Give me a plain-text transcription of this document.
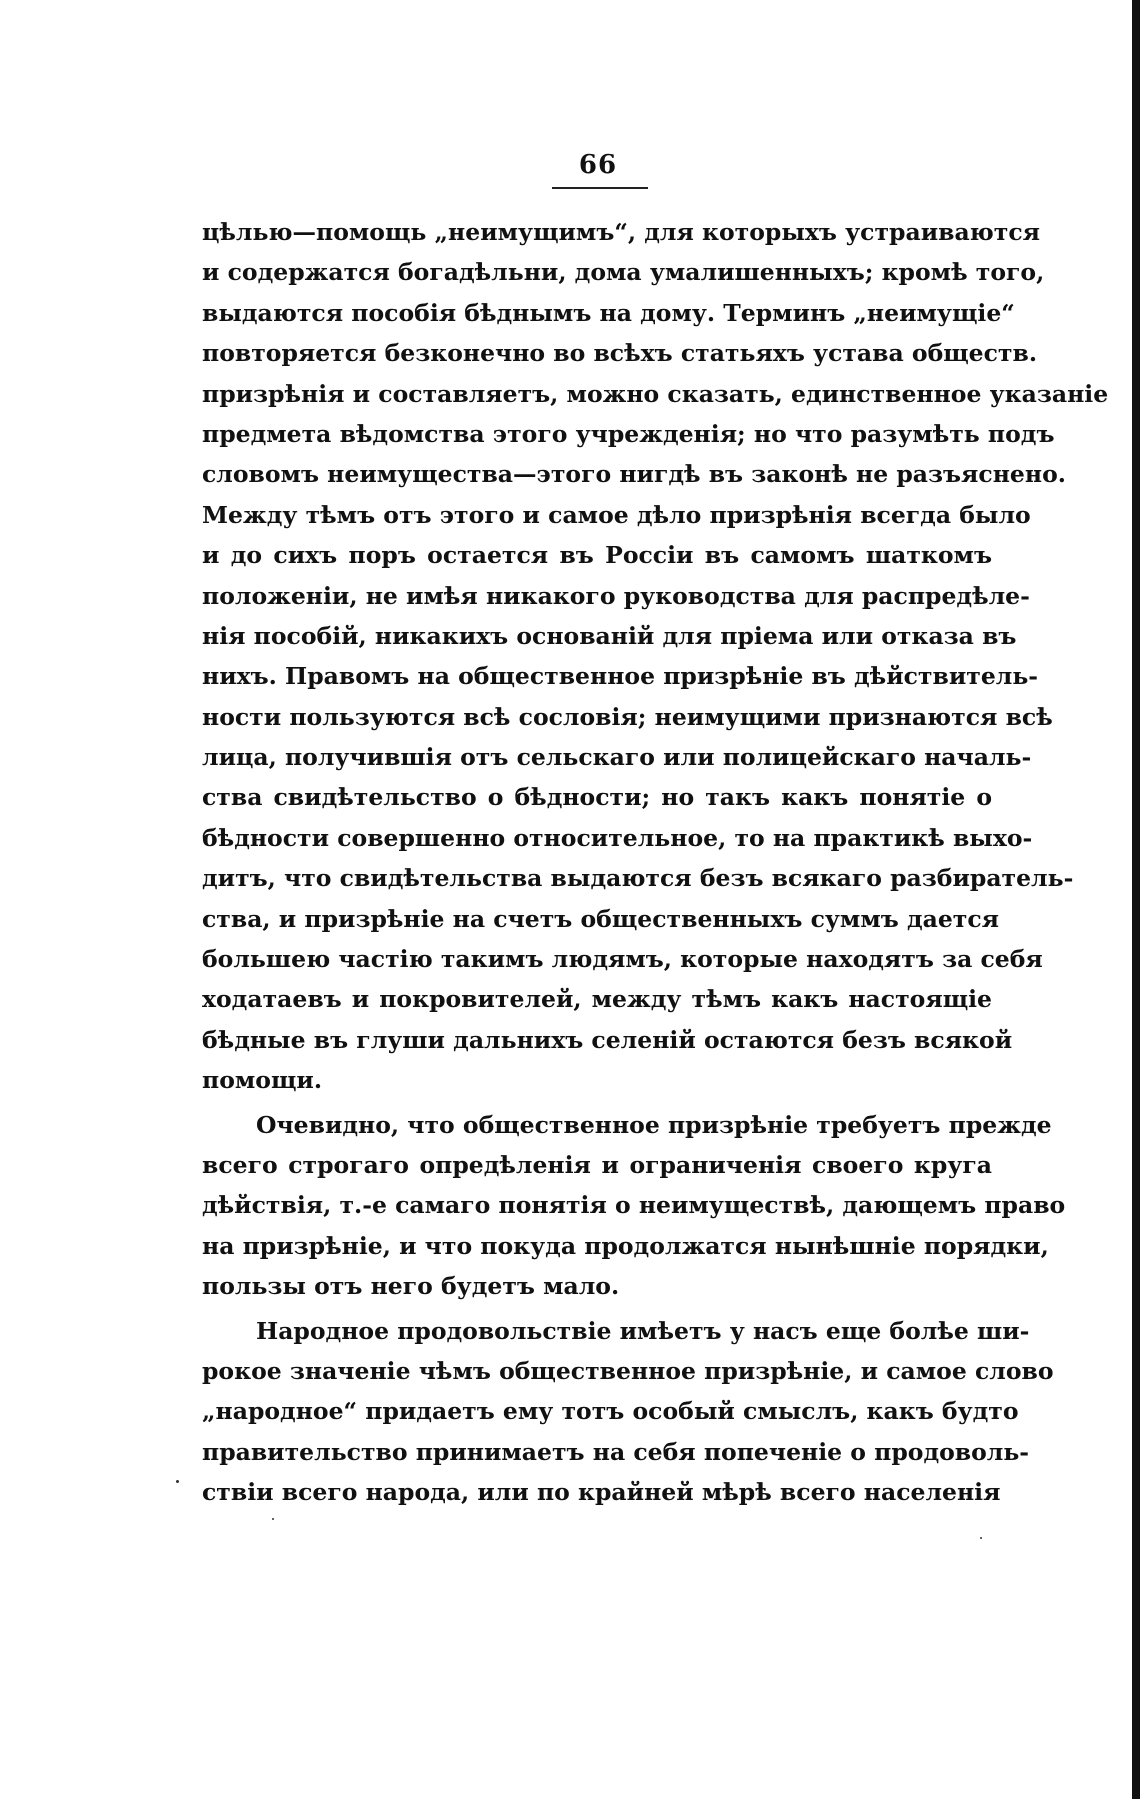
66
цѣлью—помощь „неимущимъ“, для которыхъ устраиваются
и содержатся богадѣльни, дома умалишенныхъ; кромѣ того,
выдаются пособія бѣднымъ на дому. Терминъ „неимущіе“
повторяется безконечно во всѣхъ статьяхъ устава обществ.
призрѣнія и составляетъ, можно сказать, единственное указаніе
предмета вѣдомства этого учрежденія; но что разумѣть подъ
словомъ неимущества—этого нигдѣ въ законѣ не разъяснено.
Между тѣмъ отъ этого и самое дѣло призрѣнія всегда было
и до сихъ поръ остается въ Россіи въ самомъ шаткомъ
положеніи, не имѣя никакого руководства для распредѣле-
нія пособій, никакихъ основаній для пріема или отказа въ
нихъ. Правомъ на общественное призрѣніе въ дѣйствитель-
ности пользуются всѣ сословія; неимущими признаются всѣ
лица, получившія отъ сельскаго или полицейскаго началь-
ства свидѣтельство о бѣдности; но такъ какъ понятіе о
бѣдности совершенно относительное, то на практикѣ выхо-
дитъ, что свидѣтельства выдаются безъ всякаго разбиратель-
ства, и призрѣніе на счетъ общественныхъ суммъ дается
большею частію такимъ людямъ, которые находятъ за себя
ходатаевъ и покровителей, между тѣмъ какъ настоящіе
бѣдные въ глуши дальнихъ селеній остаются безъ всякой
помощи.
Очевидно, что общественное призрѣніе требуетъ прежде
всего строгаго опредѣленія и ограниченія своего круга
дѣйствія, т.-е самаго понятія о неимуществѣ, дающемъ право
на призрѣніе, и что покуда продолжатся нынѣшніе порядки,
пользы отъ него будетъ мало.
Народное продовольствіе имѣетъ у насъ еще болѣе ши-
рокое значеніе чѣмъ общественное призрѣніе, и самое слово
„народное“ придаетъ ему тотъ особый смыслъ, какъ будто
правительство принимаетъ на себя попеченіе о продоволь-
ствіи всего народа, или по крайней мѣрѣ всего населенія
